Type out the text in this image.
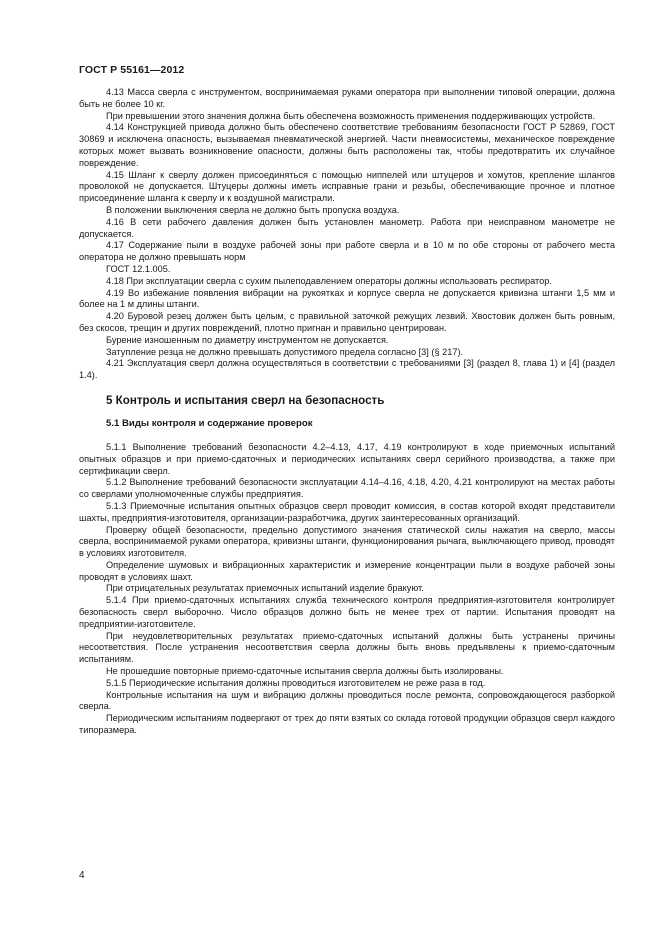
ГОСТ Р 55161—2012

4.13 Масса сверла с инструментом, воспринимаемая руками оператора при выполнении типовой операции, должна быть не более 10 кг.

При превышении этого значения должна быть обеспечена возможность применения поддерживающих устройств.

4.14 Конструкцией привода должно быть обеспечено соответствие требованиям безопасности ГОСТ Р 52869, ГОСТ 30869 и исключена опасность, вызываемая пневматической энергией. Части пневмосистемы, механическое повреждение которых может вызвать возникновение опасности, должны быть расположены так, чтобы предотвратить их случайное повреждение.

4.15 Шланг к сверлу должен присоединяться с помощью ниппелей или штуцеров и хомутов, крепление шлангов проволокой не допускается. Штуцеры должны иметь исправные грани и резьбы, обеспечивающие прочное и плотное присоединение шланга к сверлу и к воздушной магистрали.

В положении выключения сверла не должно быть пропуска воздуха.

4.16 В сети рабочего давления должен быть установлен манометр. Работа при неисправном манометре не допускается.

4.17 Содержание пыли в воздухе рабочей зоны при работе сверла и в 10 м по обе стороны от рабочего места оператора не должно превышать норм

ГОСТ 12.1.005.

4.18 При эксплуатации сверла с сухим пылеподавлением операторы должны использовать респиратор.

4.19 Во избежание появления вибрации на рукоятках и корпусе сверла не допускается кривизна штанги 1,5 мм и более на 1 м длины штанги.

4.20 Буровой резец должен быть целым, с правильной заточкой режущих лезвий. Хвостовик должен быть ровным, без скосов, трещин и других повреждений, плотно пригнан и правильно центрирован.

Бурение изношенным по диаметру инструментом не допускается.

Затупление резца не должно превышать допустимого предела согласно [3] (§ 217).

4.21 Эксплуатация сверл должна осуществляться в соответствии с требованиями [3] (раздел 8, глава 1) и [4] (раздел 1.4).

5 Контроль и испытания сверл на безопасность
5.1 Виды контроля и содержание проверок

5.1.1 Выполнение требований безопасности 4.2–4.13, 4.17, 4.19 контролируют в ходе приемочных испытаний опытных образцов и при приемо-сдаточных и периодических испытаниях сверл серийного производства, а также при сертификации сверл.

5.1.2 Выполнение требований безопасности эксплуатации 4.14–4.16, 4.18, 4.20, 4.21 контролируют на местах работы со сверлами уполномоченные службы предприятия.

5.1.3 Приемочные испытания опытных образцов сверл проводит комиссия, в состав которой входят представители шахты, предприятия-изготовителя, организации-разработчика, других заинтересованных организаций.

Проверку общей безопасности, предельно допустимого значения статической силы нажатия на сверло, массы сверла, воспринимаемой руками оператора, кривизны штанги, функционирования рычага, выключающего привод, проводят в условиях изготовителя.

Определение шумовых и вибрационных характеристик и измерение концентрации пыли в воздухе рабочей зоны проводят в условиях шахт.

При отрицательных результатах приемочных испытаний изделие бракуют.

5.1.4 При приемо-сдаточных испытаниях служба технического контроля предприятия-изготовителя контролирует безопасность сверл выборочно. Число образцов должно быть не менее трех от партии. Испытания проводят на предприятии-изготовителе.

При неудовлетворительных результатах приемо-сдаточных испытаний должны быть устранены причины несоответствия. После устранения несоответствия сверла должны быть вновь предъявлены к приемо-сдаточным испытаниям.

Не прошедшие повторные приемо-сдаточные испытания сверла должны быть изолированы.

5.1.5 Периодические испытания должны проводиться изготовителем не реже раза в год.

Контрольные испытания на шум и вибрацию должны проводиться после ремонта, сопровождающегося разборкой сверла.

Периодическим испытаниям подвергают от трех до пяти взятых со склада готовой продукции образцов сверл каждого типоразмера.

4
